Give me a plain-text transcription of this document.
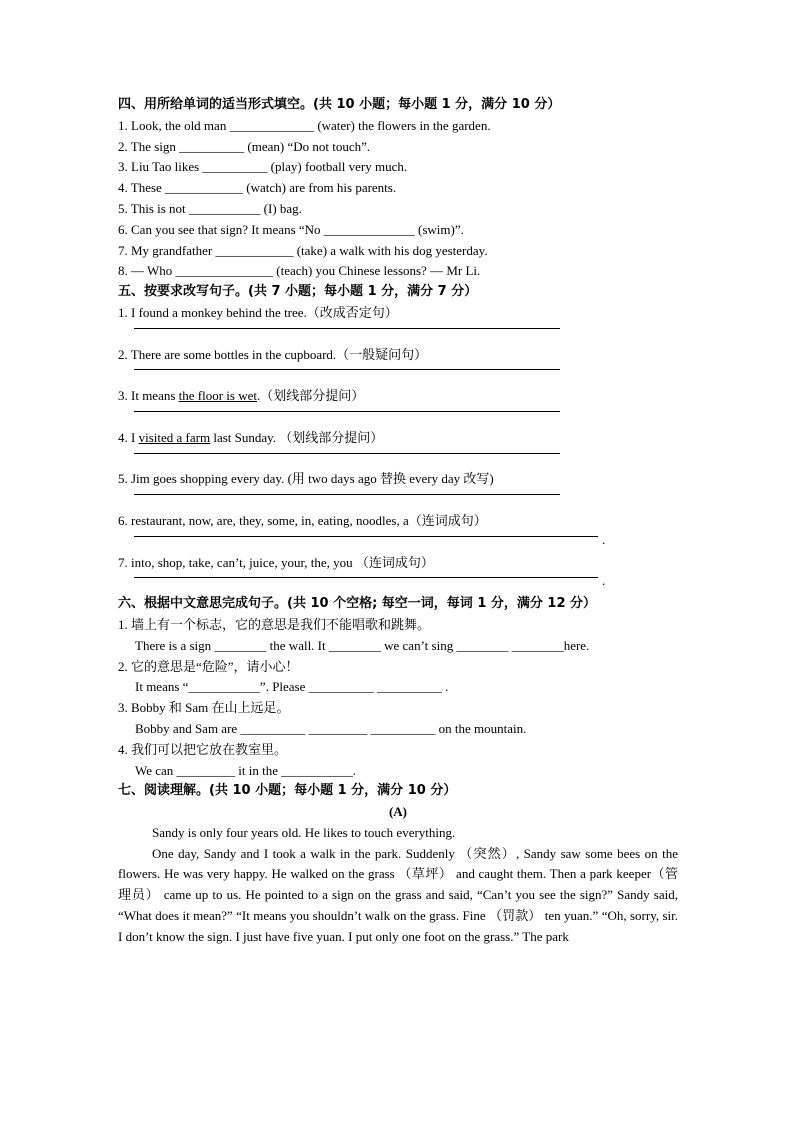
四、用所给单词的适当形式填空。(共 10 小题；每小题 1 分，满分 10 分）
1. Look, the old man _____________ (water) the flowers in the garden.
2. The sign __________ (mean) “Do not touch”.
3. Liu Tao likes __________ (play) football very much.
4. These ____________ (watch) are from his parents.
5. This is not ___________ (I) bag.
6. Can you see that sign? It means “No ______________ (swim)”.
7. My grandfather ____________ (take) a walk with his dog yesterday.
8. — Who _______________ (teach) you Chinese lessons? — Mr Li.
五、按要求改写句子。(共 7 小题；每小题 1 分，满分 7 分）
1. I found a monkey behind the tree.（改成否定句）
2. There are some bottles in the cupboard.（一般疑问句）
3. It means the floor is wet.（划线部分提问）
4. I visited a farm last Sunday. （划线部分提问）
5. Jim goes shopping every day. (用 two days ago 替换 every day 改写)
6. restaurant, now, are, they, some, in, eating, noodles, a（连词成句）
.
7. into, shop, take, can’t, juice, your, the, you （连词成句）
.
六、根据中文意思完成句子。(共 10 个空格; 每空一词，每词 1 分，满分 12 分）
1. 墙上有一个标志，它的意思是我们不能唱歌和跳舞。
There is a sign ________ the wall. It ________ we can’t sing ________ ________here.
2. 它的意思是“危险”，请小心！
It means “___________”. Please __________ __________ .
3. Bobby 和 Sam 在山上远足。
Bobby and Sam are __________ _________ __________ on the mountain.
4. 我们可以把它放在教室里。
We can _________ it in the ___________.
七、阅读理解。(共 10 小题；每小题 1 分，满分 10 分）
(A)
Sandy is only four years old. He likes to touch everything.
One day, Sandy and I took a walk in the park. Suddenly （突然）, Sandy saw some bees on the flowers. He was very happy. He walked on the grass （草坪） and caught them. Then a park keeper（管理员） came up to us. He pointed to a sign on the grass and said, “Can’t you see the sign?” Sandy said, “What does it mean?” “It means you shouldn’t walk on the grass. Fine （罚款） ten yuan.” “Oh, sorry, sir. I don’t know the sign. I just have five yuan. I put only one foot on the grass.” The park
